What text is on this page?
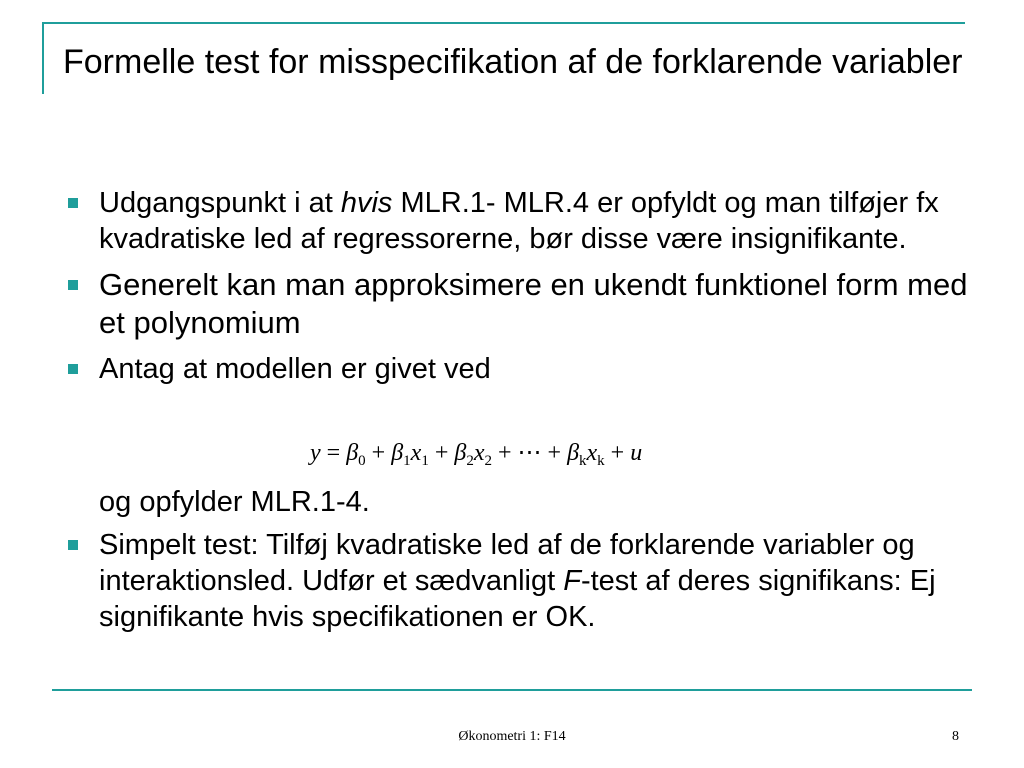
Formelle test for misspecifikation af de forklarende variabler
Udgangspunkt i at hvis MLR.1- MLR.4 er opfyldt og man tilføjer fx kvadratiske led af regressorerne, bør disse være insignifikante.
Generelt kan man approksimere en ukendt funktionel form med et polynomium
Antag at modellen er givet ved
$y = \beta_0 + \beta_1x_1 + \beta_2x_2$ + ⋯ + $\beta_kx_k + u$
og opfylder MLR.1-4.
Simpelt test: Tilføj kvadratiske led af de forklarende variabler og interaktionsled. Udfør et sædvanligt F-test af deres signifikans: Ej signifikante hvis specifikationen er OK.
Økonometri 1: F14	8
